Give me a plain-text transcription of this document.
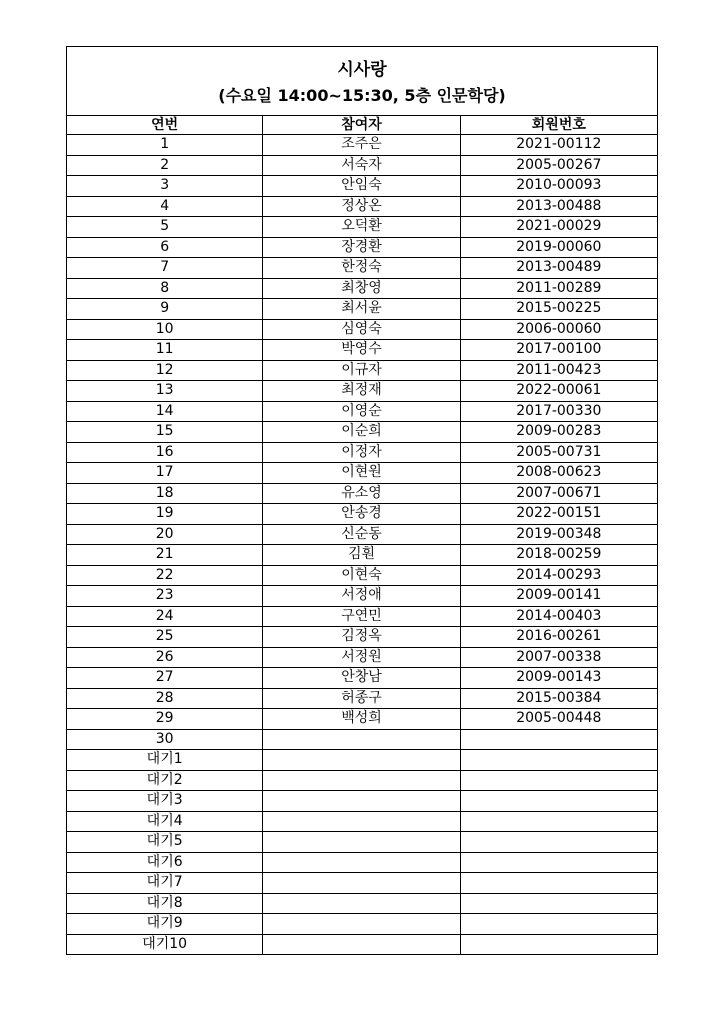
시사랑
(수요일 14:00~15:30, 5층 인문학당)		

연번	참여자	회원번호
1	조주은	2021-00112
2	서숙자	2005-00267
3	안임숙	2010-00093
4	정상온	2013-00488
5	오덕환	2021-00029
6	장경환	2019-00060
7	한정숙	2013-00489
8	최창영	2011-00289
9	최서윤	2015-00225
10	심영숙	2006-00060
11	박영수	2017-00100
12	이규자	2011-00423
13	최정재	2022-00061
14	이영순	2017-00330
15	이순희	2009-00283
16	이정자	2005-00731
17	이현원	2008-00623
18	유소영	2007-00671
19	안송경	2022-00151
20	신순동	2019-00348
21	김훤	2018-00259
22	이현숙	2014-00293
23	서정애	2009-00141
24	구연민	2014-00403
25	김정옥	2016-00261
26	서정원	2007-00338
27	안창남	2009-00143
28	허종구	2015-00384
29	백성희	2005-00448
30		
대기1		
대기2		
대기3		
대기4		
대기5		
대기6		
대기7		
대기8		
대기9		
대기10		
